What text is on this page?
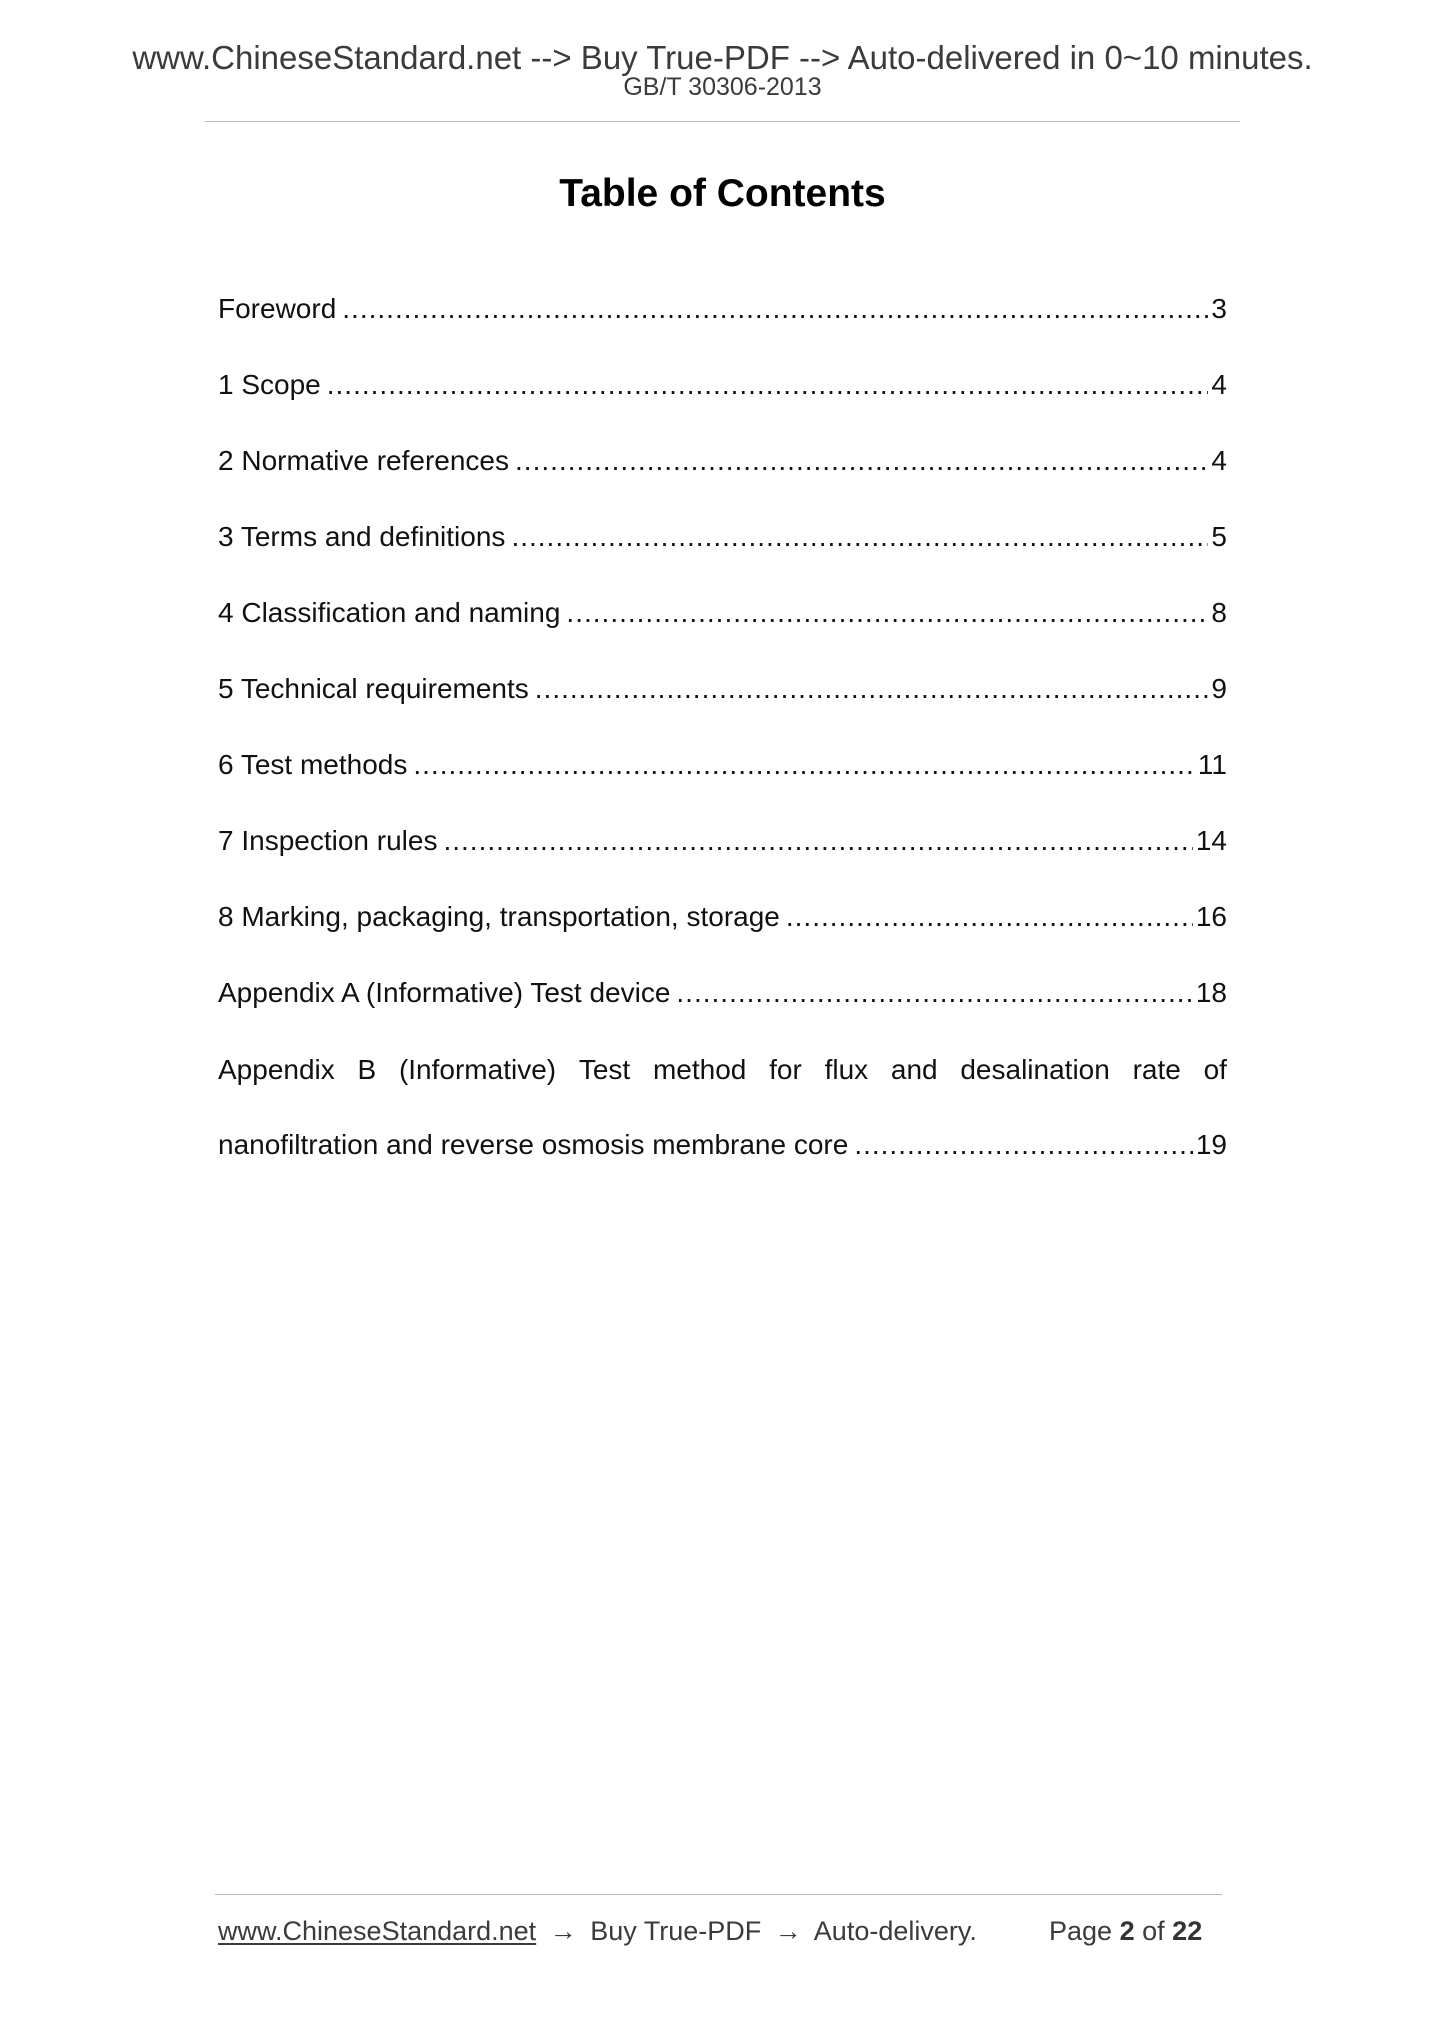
www.ChineseStandard.net --> Buy True-PDF --> Auto-delivered in 0~10 minutes.
GB/T 30306-2013
Table of Contents
Foreword .....	3
1 Scope .....	4
2 Normative references .....	4
3 Terms and definitions .....	5
4 Classification and naming .....	8
5 Technical requirements .....	9
6 Test methods .....	11
7 Inspection rules .....	14
8 Marking, packaging, transportation, storage .....	16
Appendix A (Informative) Test device .....	18
Appendix B (Informative) Test method for flux and desalination rate of
nanofiltration and reverse osmosis membrane core .....	19
www.ChineseStandard.net → Buy True-PDF → Auto-delivery.	Page 2 of 22
